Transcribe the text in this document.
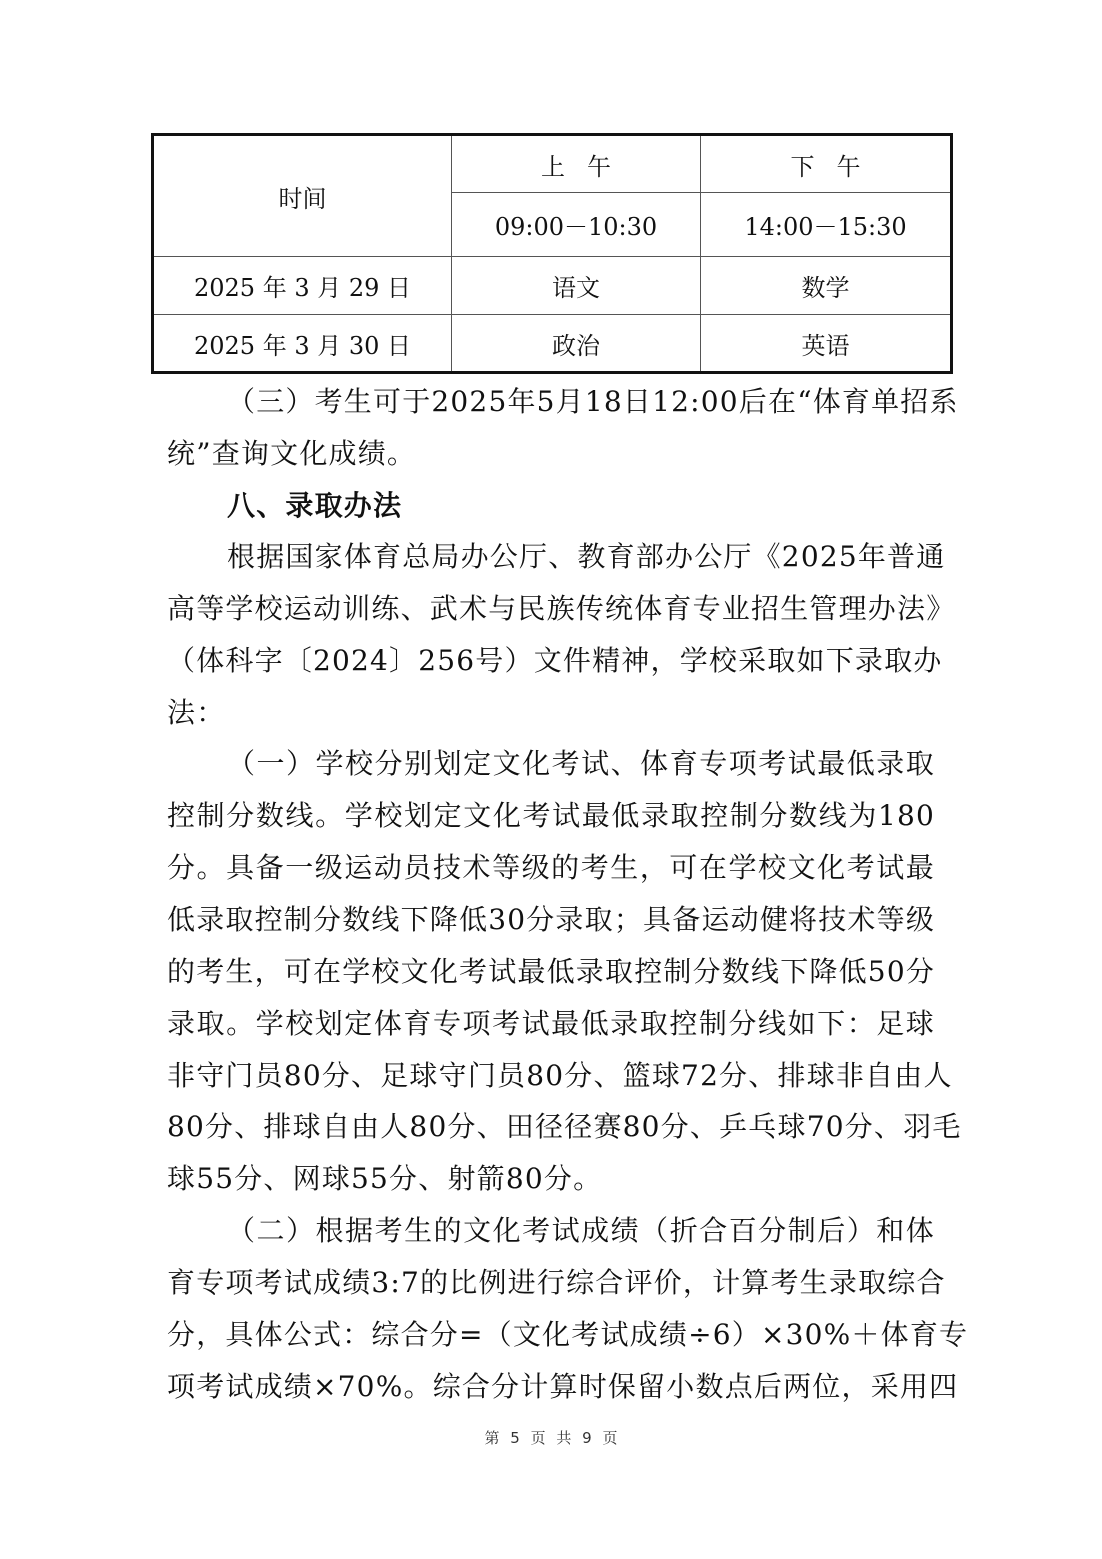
时间	上午	下午
	09:00－10:30	14:00－15:30
2025 年 3 月 29 日	语文	数学
2025 年 3 月 30 日	政治	英语
（三）考生可于2025年5月18日12:00后在“体育单招系
统”查询文化成绩。
八、录取办法
根据国家体育总局办公厅、教育部办公厅《2025年普通
高等学校运动训练、武术与民族传统体育专业招生管理办法》
（体科字〔2024〕256号）文件精神，学校采取如下录取办
法：
（一）学校分别划定文化考试、体育专项考试最低录取
控制分数线。学校划定文化考试最低录取控制分数线为180
分。具备一级运动员技术等级的考生，可在学校文化考试最
低录取控制分数线下降低30分录取；具备运动健将技术等级
的考生，可在学校文化考试最低录取控制分数线下降低50分
录取。学校划定体育专项考试最低录取控制分线如下：足球
非守门员80分、足球守门员80分、篮球72分、排球非自由人
80分、排球自由人80分、田径径赛80分、乒乓球70分、羽毛
球55分、网球55分、射箭80分。
（二）根据考生的文化考试成绩（折合百分制后）和体
育专项考试成绩3:7的比例进行综合评价，计算考生录取综合
分，具体公式：综合分=（文化考试成绩÷6）×30%＋体育专
项考试成绩×70%。综合分计算时保留小数点后两位，采用四
第 5 页 共 9 页
